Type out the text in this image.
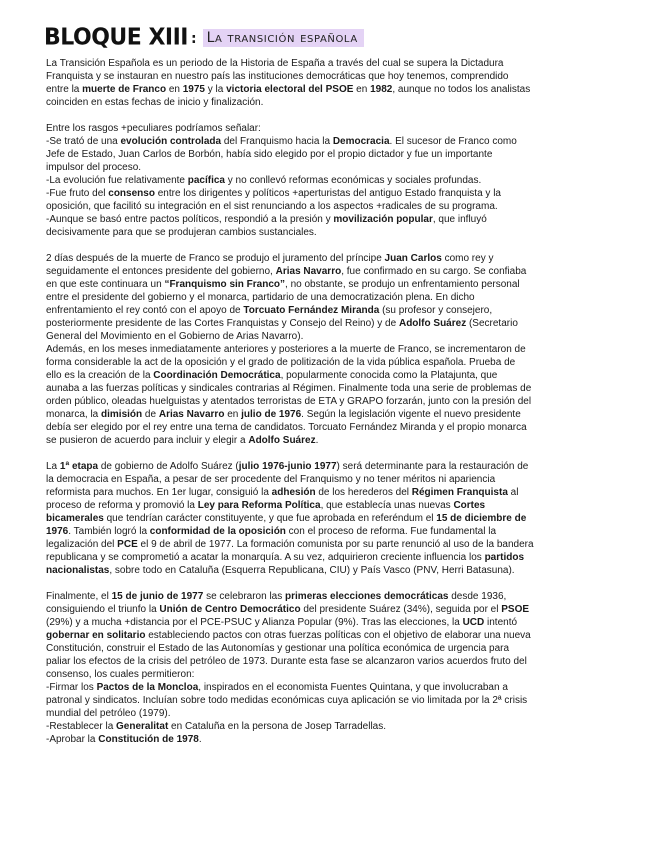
BLOQUE XIII : La transición española
La Transición Española es un periodo de la Historia de España a través del cual se supera la Dictadura
Franquista y se instauran en nuestro país las instituciones democráticas que hoy tenemos, comprendido
entre la muerte de Franco en 1975 y la victoria electoral del PSOE en 1982, aunque no todos los analistas
coinciden en estas fechas de inicio y finalización.
Entre los rasgos +peculiares podríamos señalar:
-Se trató de una evolución controlada del Franquismo hacia la Democracia. El sucesor de Franco como
Jefe de Estado, Juan Carlos de Borbón, había sido elegido por el propio dictador y fue un importante
impulsor del proceso.
-La evolución fue relativamente pacífica y no conllevó reformas económicas y sociales profundas.
-Fue fruto del consenso entre los dirigentes y políticos +aperturistas del antiguo Estado franquista y la
oposición, que facilitó su integración en el sist renunciando a los aspectos +radicales de su programa.
-Aunque se basó entre pactos políticos, respondió a la presión y movilización popular, que influyó
decisivamente para que se produjeran cambios sustanciales.
2 días después de la muerte de Franco se produjo el juramento del príncipe Juan Carlos como rey y
seguidamente el entonces presidente del gobierno, Arias Navarro, fue confirmado en su cargo. Se confiaba
en que este continuara un “Franquismo sin Franco”, no obstante, se produjo un enfrentamiento personal
entre el presidente del gobierno y el monarca, partidario de una democratización plena. En dicho
enfrentamiento el rey contó con el apoyo de Torcuato Fernández Miranda (su profesor y consejero,
posteriormente presidente de las Cortes Franquistas y Consejo del Reino) y de Adolfo Suárez (Secretario
General del Movimiento en el Gobierno de Arias Navarro).
Además, en los meses inmediatamente anteriores y posteriores a la muerte de Franco, se incrementaron de
forma considerable la act de la oposición y el grado de politización de la vida pública española. Prueba de
ello es la creación de la Coordinación Democrática, popularmente conocida como la Platajunta, que
aunaba a las fuerzas políticas y sindicales contrarias al Régimen. Finalmente toda una serie de problemas de
orden público, oleadas huelguistas y atentados terroristas de ETA y GRAPO forzarán, junto con la presión del
monarca, la dimisión de Arias Navarro en julio de 1976. Según la legislación vigente el nuevo presidente
debía ser elegido por el rey entre una terna de candidatos. Torcuato Fernández Miranda y el propio monarca
se pusieron de acuerdo para incluir y elegir a Adolfo Suárez.
La 1ª etapa de gobierno de Adolfo Suárez (julio 1976-junio 1977) será determinante para la restauración de
la democracia en España, a pesar de ser procedente del Franquismo y no tener méritos ni apariencia
reformista para muchos. En 1er lugar, consiguió la adhesión de los herederos del Régimen Franquista al
proceso de reforma y promovió la Ley para Reforma Política, que establecía unas nuevas Cortes
bicamerales que tendrían carácter constituyente, y que fue aprobada en referéndum el 15 de diciembre de
1976. También logró la conformidad de la oposición con el proceso de reforma. Fue fundamental la
legalización del PCE el 9 de abril de 1977. La formación comunista por su parte renunció al uso de la bandera
republicana y se comprometió a acatar la monarquía. A su vez, adquirieron creciente influencia los partidos
nacionalistas, sobre todo en Cataluña (Esquerra Republicana, CIU) y País Vasco (PNV, Herri Batasuna).
Finalmente, el 15 de junio de 1977 se celebraron las primeras elecciones democráticas desde 1936,
consiguiendo el triunfo la Unión de Centro Democrático del presidente Suárez (34%), seguida por el PSOE
(29%) y a mucha +distancia por el PCE-PSUC y Alianza Popular (9%). Tras las elecciones, la UCD intentó
gobernar en solitario estableciendo pactos con otras fuerzas políticas con el objetivo de elaborar una nueva
Constitución, construir el Estado de las Autonomías y gestionar una política económica de urgencia para
paliar los efectos de la crisis del petróleo de 1973. Durante esta fase se alcanzaron varios acuerdos fruto del
consenso, los cuales permitieron:
-Firmar los Pactos de la Moncloa, inspirados en el economista Fuentes Quintana, y que involucraban a
patronal y sindicatos. Incluían sobre todo medidas económicas cuya aplicación se vio limitada por la 2ª crisis
mundial del petróleo (1979).
-Restablecer la Generalitat en Cataluña en la persona de Josep Tarradellas.
-Aprobar la Constitución de 1978.
